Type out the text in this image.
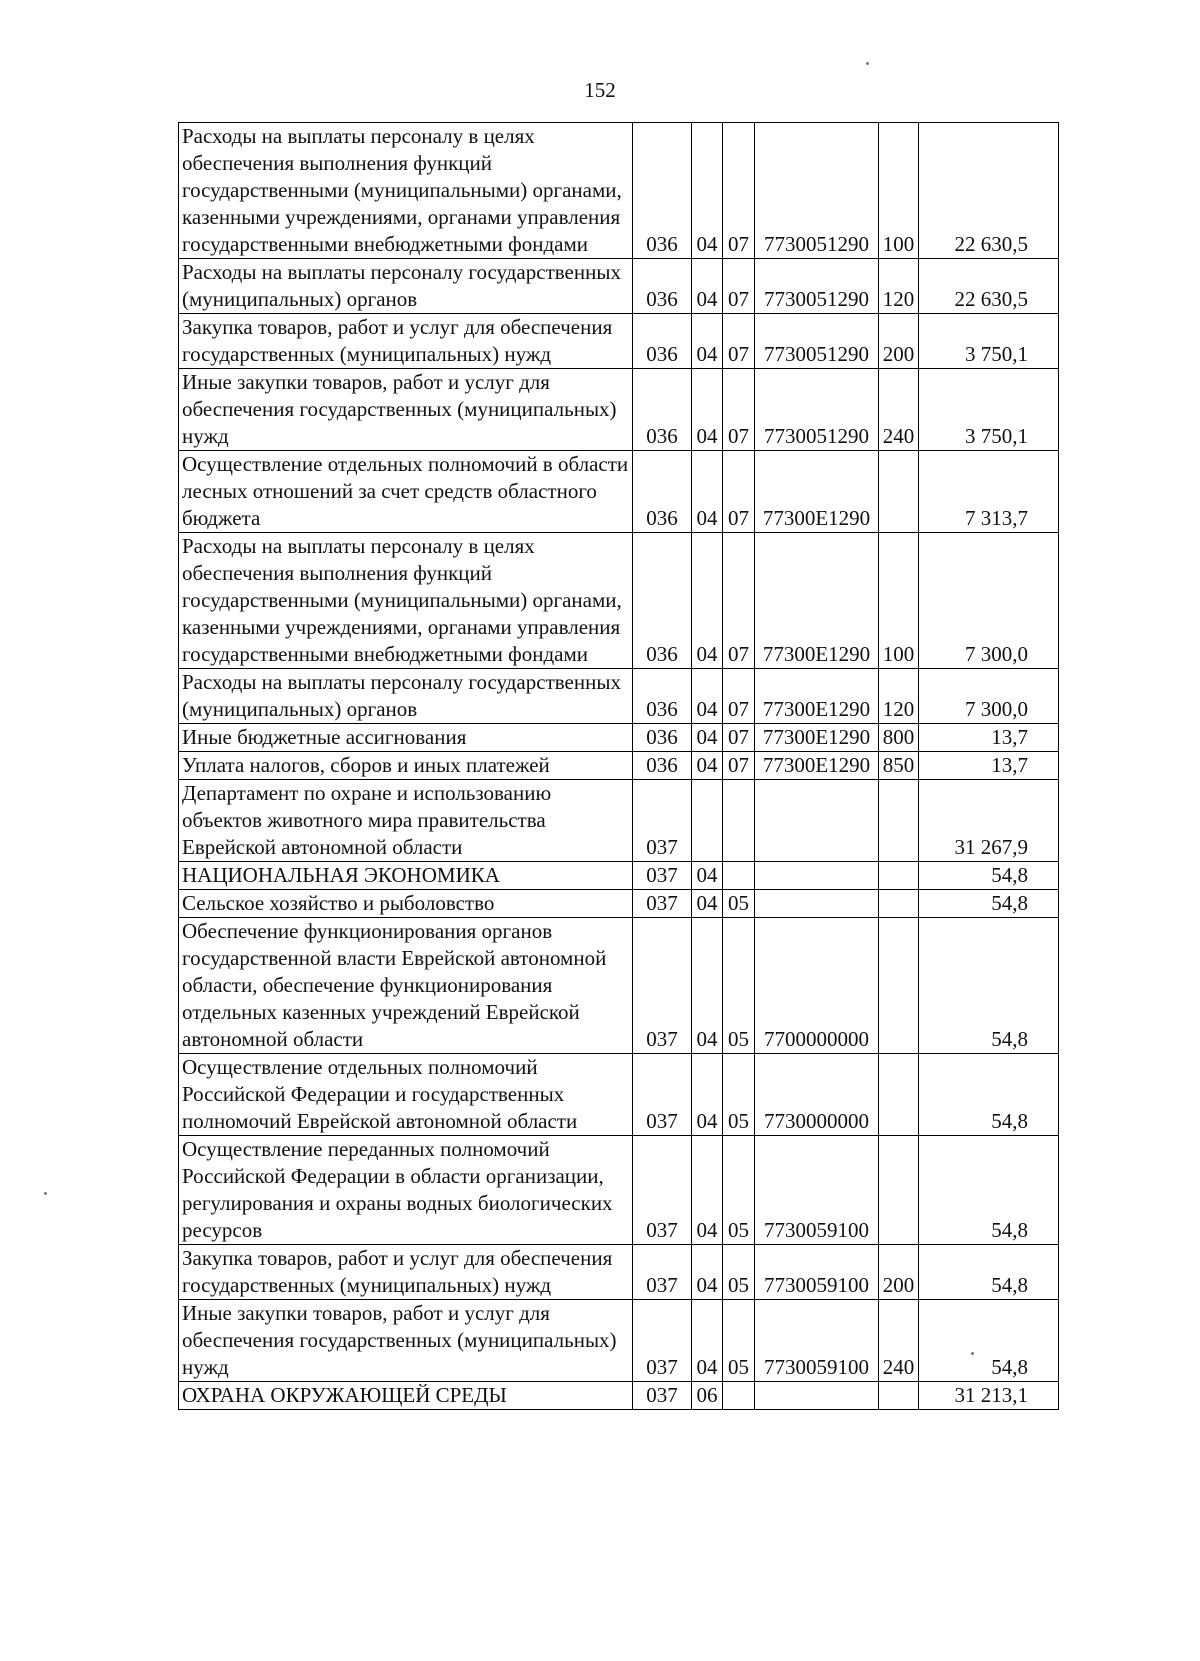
152
Расходы на выплаты персоналу в целях обеспечения выполнения функций государственными (муниципальными) органами, казенными учреждениями, органами управления государственными внебюджетными фондами	036	04	07	7730051290	100	22 630,5
Расходы на выплаты персоналу государственных (муниципальных) органов	036	04	07	7730051290	120	22 630,5
Закупка товаров, работ и услуг для обеспечения государственных (муниципальных) нужд	036	04	07	7730051290	200	3 750,1
Иные закупки товаров, работ и услуг для обеспечения государственных (муниципальных) нужд	036	04	07	7730051290	240	3 750,1
Осуществление отдельных полномочий в области лесных отношений за счет средств областного бюджета	036	04	07	77300E1290		7 313,7
Расходы на выплаты персоналу в целях обеспечения выполнения функций государственными (муниципальными) органами, казенными учреждениями, органами управления государственными внебюджетными фондами	036	04	07	77300E1290	100	7 300,0
Расходы на выплаты персоналу государственных (муниципальных) органов	036	04	07	77300E1290	120	7 300,0
Иные бюджетные ассигнования	036	04	07	77300E1290	800	13,7
Уплата налогов, сборов и иных платежей	036	04	07	77300E1290	850	13,7
Департамент по охране и использованию объектов животного мира правительства Еврейской автономной области	037					31 267,9
НАЦИОНАЛЬНАЯ ЭКОНОМИКА	037	04				54,8
Сельское хозяйство и рыболовство	037	04	05			54,8
Обеспечение функционирования органов государственной власти Еврейской автономной области, обеспечение функционирования отдельных казенных учреждений Еврейской автономной области	037	04	05	7700000000		54,8
Осуществление отдельных полномочий Российской Федерации и государственных полномочий Еврейской автономной области	037	04	05	7730000000		54,8
Осуществление переданных полномочий Российской Федерации в области организации, регулирования и охраны водных биологических ресурсов	037	04	05	7730059100		54,8
Закупка товаров, работ и услуг для обеспечения государственных (муниципальных) нужд	037	04	05	7730059100	200	54,8
Иные закупки товаров, работ и услуг для обеспечения государственных (муниципальных) нужд	037	04	05	7730059100	240	54,8
ОХРАНА ОКРУЖАЮЩЕЙ СРЕДЫ	037	06				31 213,1
